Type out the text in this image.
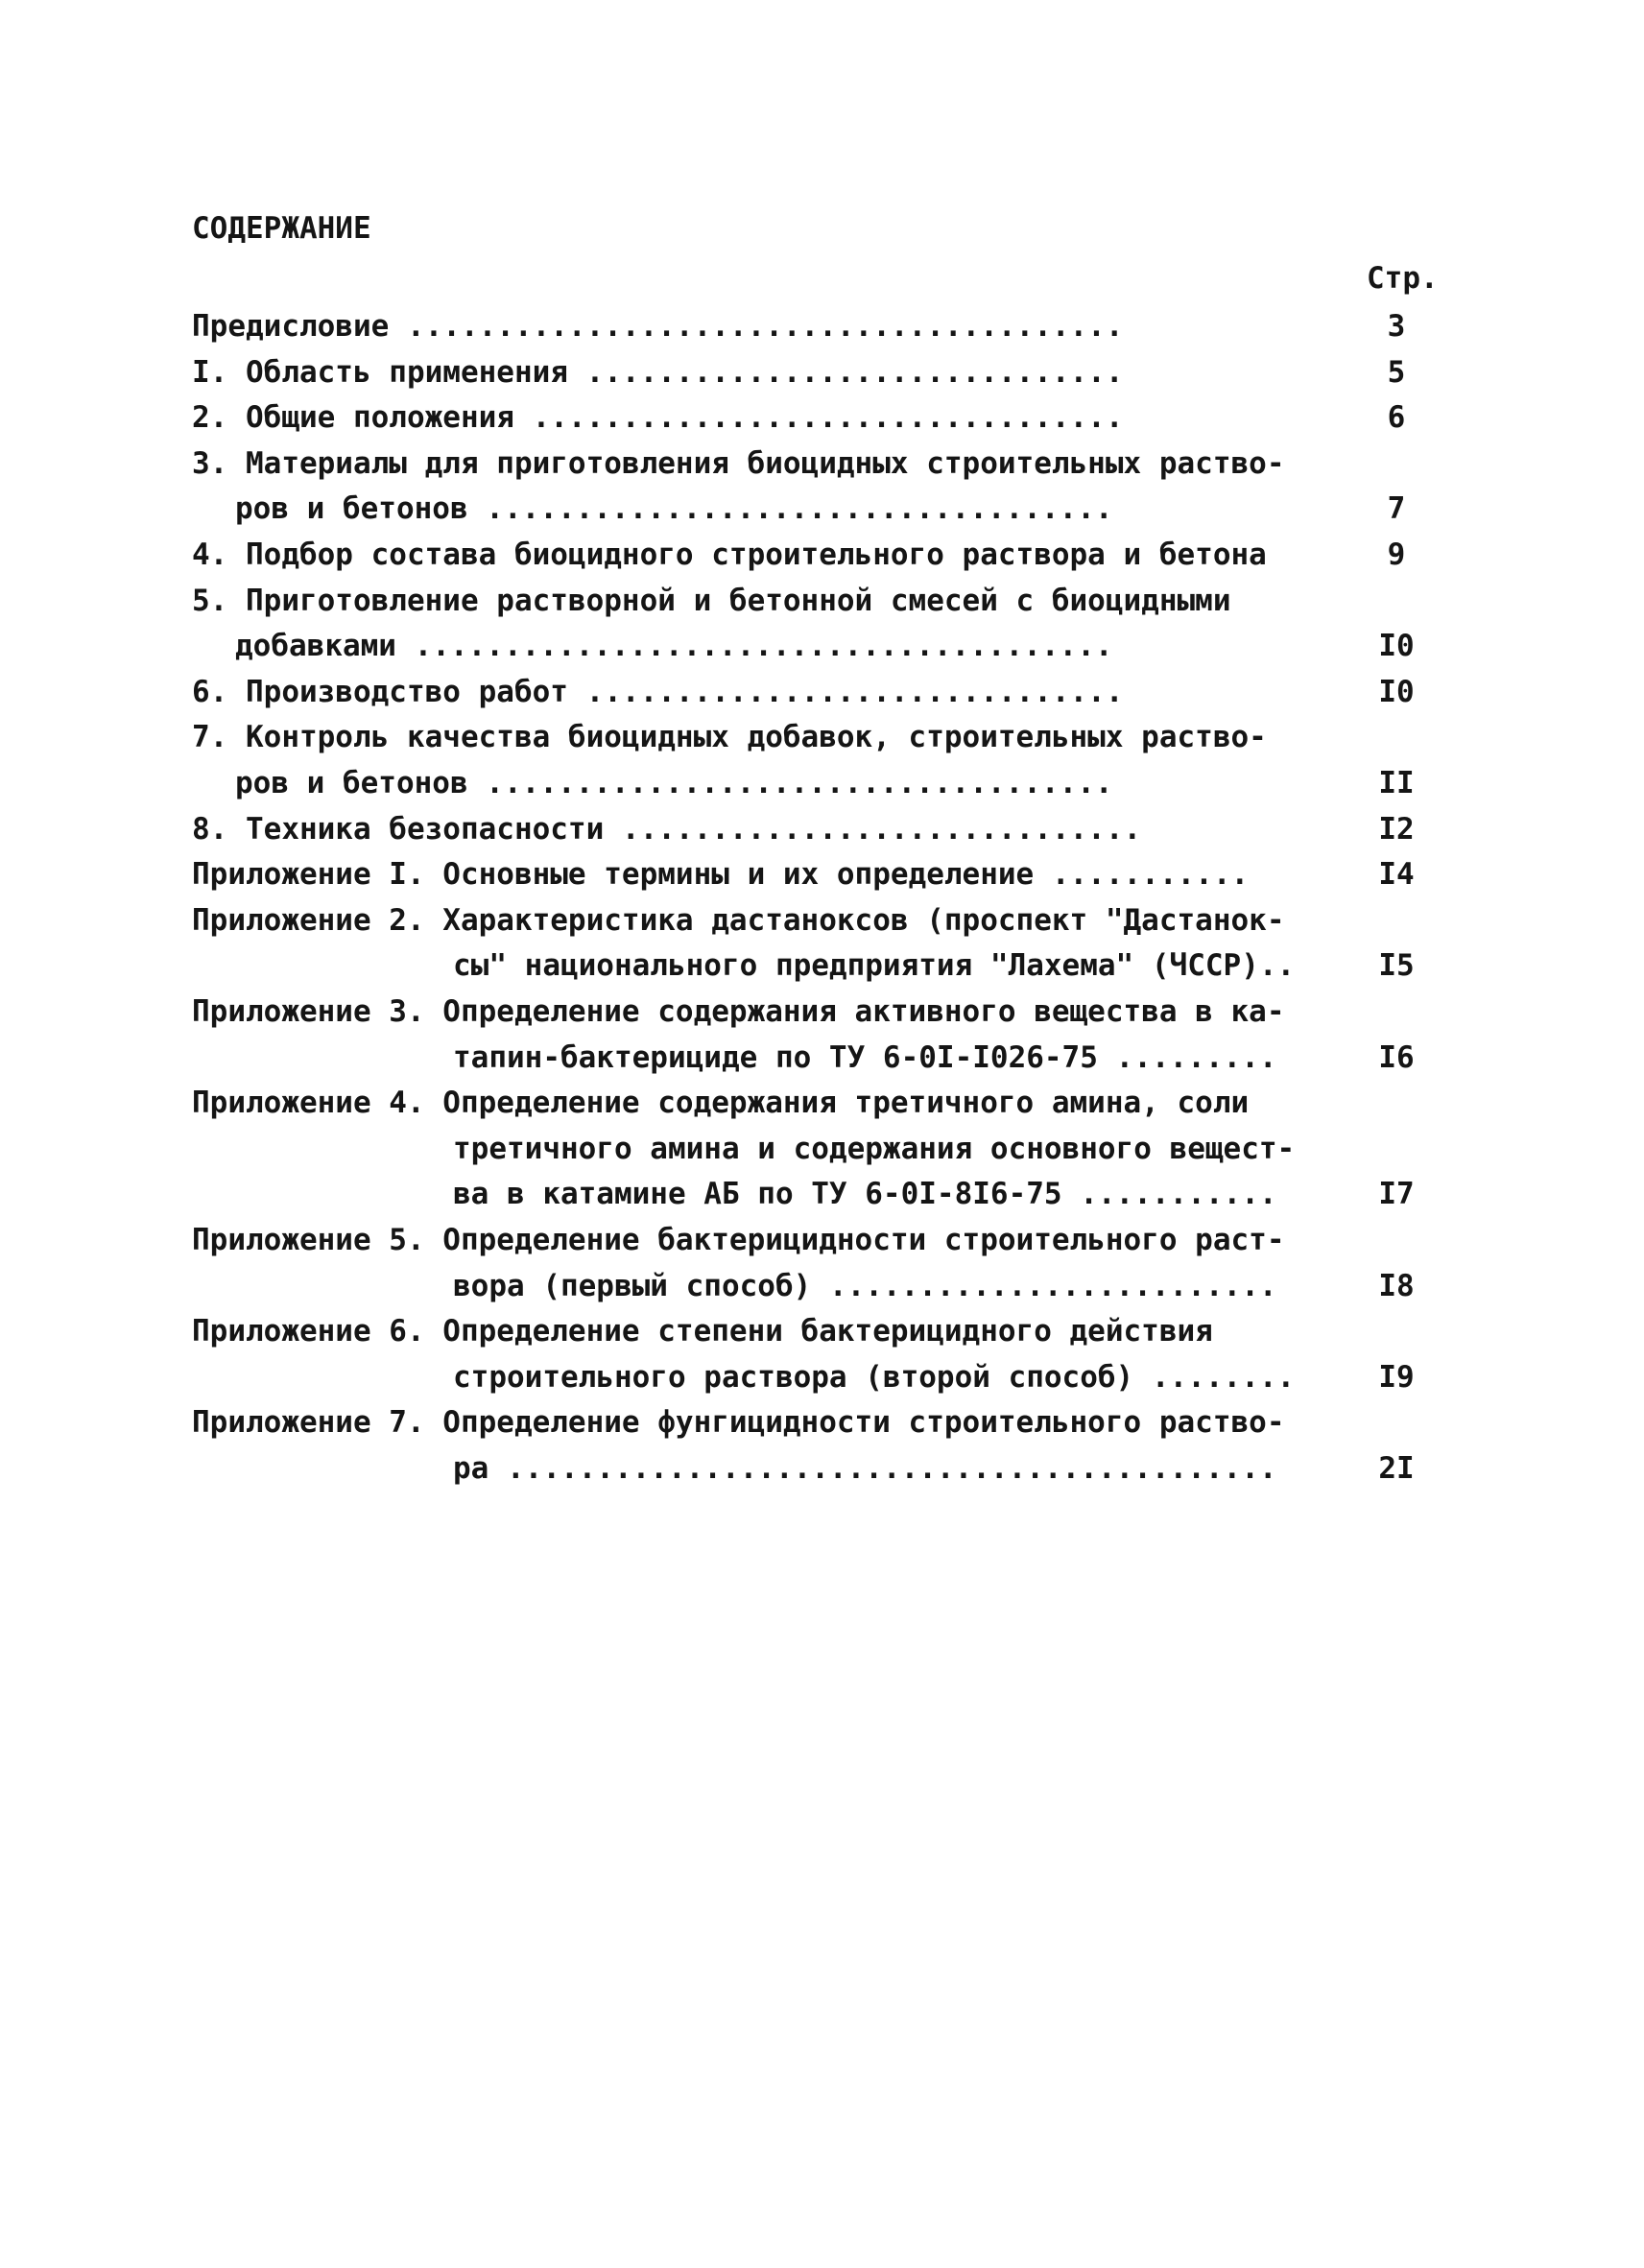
СОДЕРЖАНИЕ
Стр.
Предисловие ........................................	3
I. Область применения ..............................	5
2. Общие положения .................................	6
3. Материалы для приготовления биоцидных строительных раство-
ров и бетонов ...................................	7
4. Подбор состава биоцидного строительного раствора и бетона	9
5. Приготовление растворной и бетонной смесей с биоцидными
добавками .......................................	I0
6. Производство работ ..............................	I0
7. Контроль качества биоцидных добавок, строительных раство-
ров и бетонов ...................................	II
8. Техника безопасности .............................	I2
Приложение I. Основные термины и их определение ...........	I4
Приложение 2. Характеристика дастаноксов (проспект "Дастанок-
сы" национального предприятия "Лахема" (ЧССР)..	I5
Приложение 3. Определение содержания активного вещества в ка-
тапин-бактерициде по ТУ 6-0I-I026-75 .........	I6
Приложение 4. Определение содержания третичного амина, соли
третичного амина и содержания основного вещест-
ва в катамине АБ по ТУ 6-0I-8I6-75 ...........	I7
Приложение 5. Определение бактерицидности строительного раст-
вора (первый способ) .........................	I8
Приложение 6. Определение степени бактерицидного действия
строительного раствора (второй способ) ........	I9
Приложение 7. Определение фунгицидности строительного раство-
ра ...........................................	2I
